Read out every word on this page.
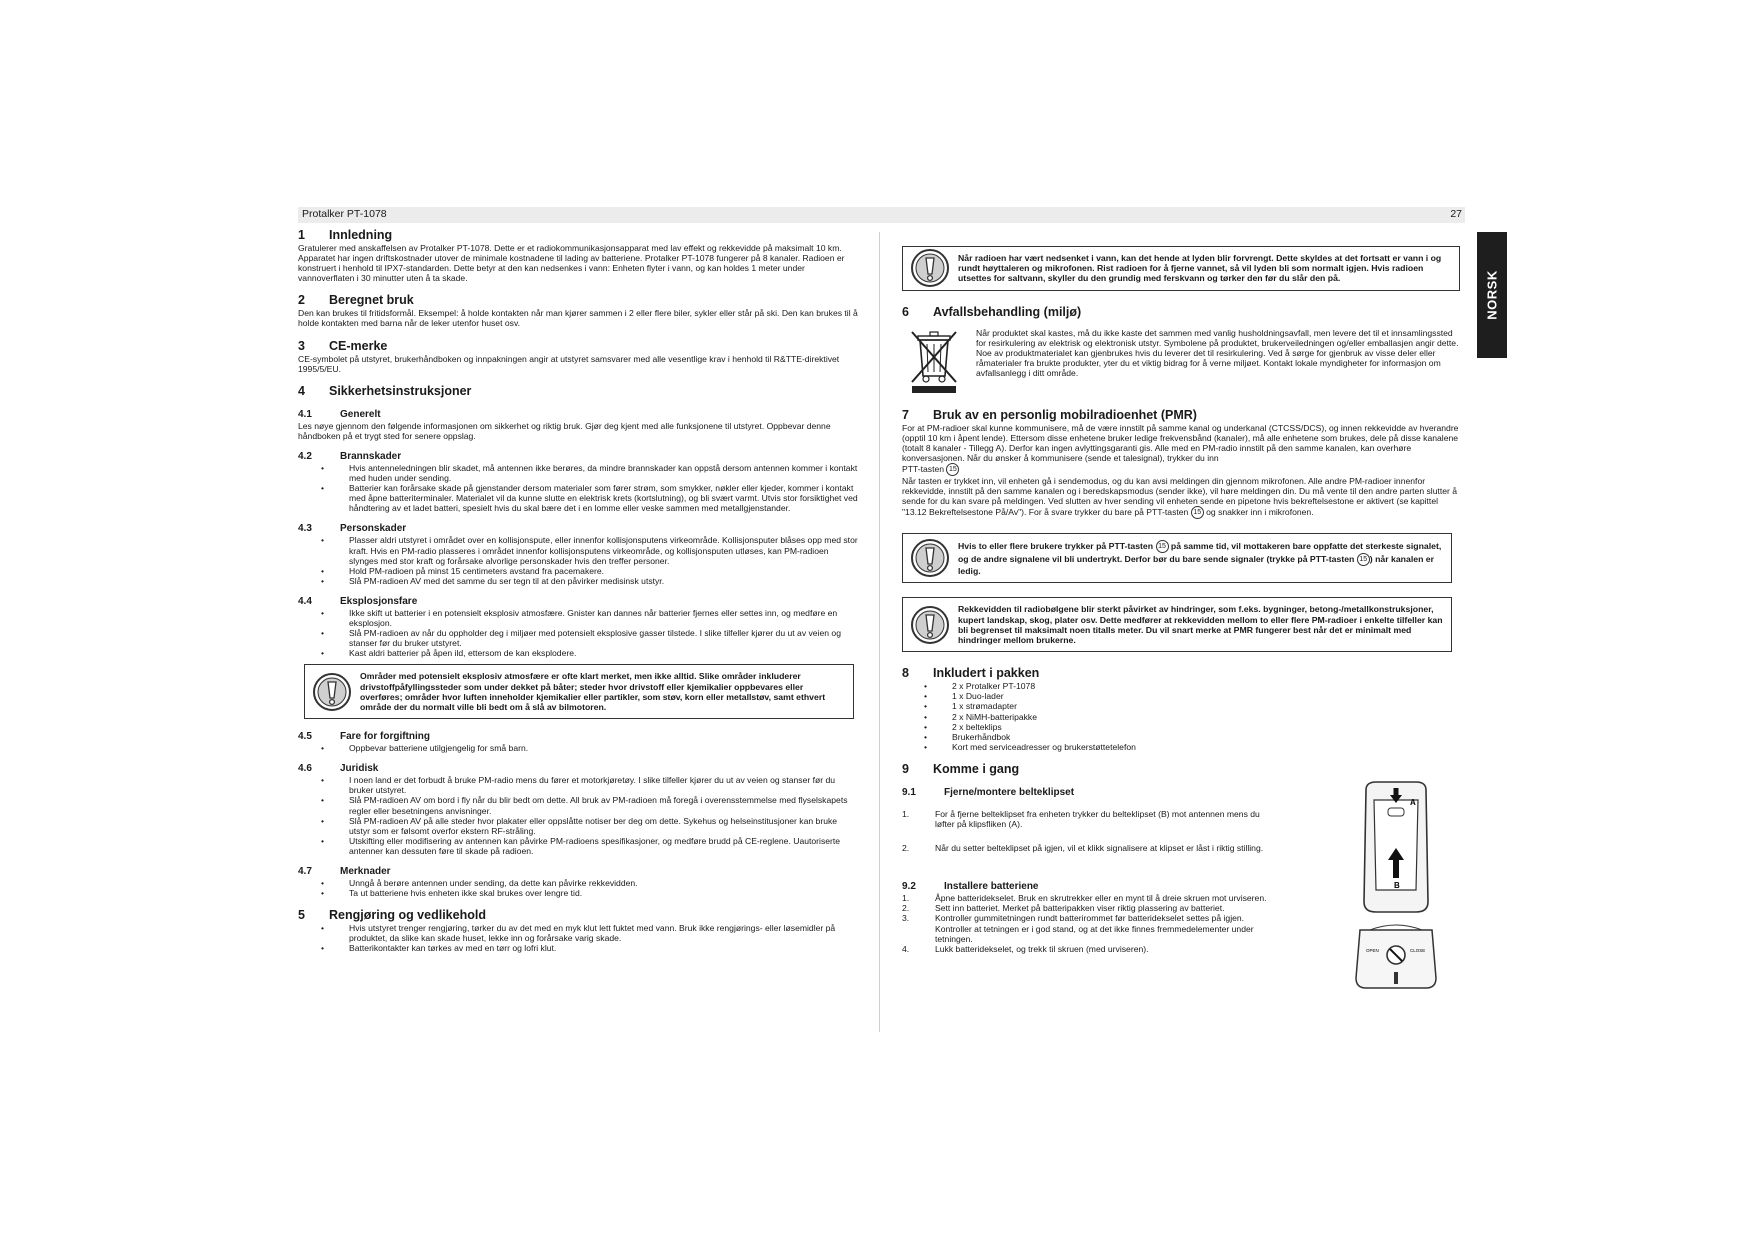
Protalker PT-1078	27
NORSK
1 Innledning

Gratulerer med anskaffelsen av Protalker PT-1078. Dette er et radiokommunikasjonsapparat med lav effekt og rekkevidde på maksimalt 10 km. Apparatet har ingen driftskostnader utover de minimale kostnadene til lading av batteriene. Protalker PT-1078 fungerer på 8 kanaler. Radioen er konstruert i henhold til IPX7-standarden. Dette betyr at den kan nedsenkes i vann: Enheten flyter i vann, og kan holdes 1 meter under vannoverflaten i 30 minutter uten å ta skade.

2 Beregnet bruk

Den kan brukes til fritidsformål. Eksempel: å holde kontakten når man kjører sammen i 2 eller flere biler, sykler eller står på ski. Den kan brukes til å holde kontakten med barna når de leker utenfor huset osv.

3 CE-merke

CE-symbolet på utstyret, brukerhåndboken og innpakningen angir at utstyret samsvarer med alle vesentlige krav i henhold til R&TTE-direktivet 1995/5/EU.

4 Sikkerhetsinstruksjoner
4.1	Generelt

Les nøye gjennom den følgende informasjonen om sikkerhet og riktig bruk. Gjør deg kjent med alle funksjonene til utstyret. Oppbevar denne håndboken på et trygt sted for senere oppslag.

4.2	Brannskader
• Hvis antenneledningen blir skadet, må antennen ikke berøres, da mindre brannskader kan oppstå dersom antennen kommer i kontakt med huden under sending.
• Batterier kan forårsake skade på gjenstander dersom materialer som fører strøm, som smykker, nøkler eller kjeder, kommer i kontakt med åpne batteriterminaler. Materialet vil da kunne slutte en elektrisk krets (kortslutning), og bli svært varmt. Utvis stor forsiktighet ved håndtering av et ladet batteri, spesielt hvis du skal bære det i en lomme eller veske sammen med metallgjenstander.
4.3	Personskader
• Plasser aldri utstyret i området over en kollisjonspute, eller innenfor kollisjonsputens virkeområde. Kollisjonsputer blåses opp med stor kraft. Hvis en PM-radio plasseres i området innenfor kollisjonsputens virkeområde, og kollisjonsputen utløses, kan PM-radioen slynges med stor kraft og forårsake alvorlige personskader hvis den treffer personer.
• Hold PM-radioen på minst 15 centimeters avstand fra pacemakere.
• Slå PM-radioen AV med det samme du ser tegn til at den påvirker medisinsk utstyr.
4.4	Eksplosjonsfare
• Ikke skift ut batterier i en potensielt eksplosiv atmosfære. Gnister kan dannes når batterier fjernes eller settes inn, og medføre en eksplosjon.
• Slå PM-radioen av når du oppholder deg i miljøer med potensielt eksplosive gasser tilstede. I slike tilfeller kjører du ut av veien og stanser før du bruker utstyret.
• Kast aldri batterier på åpen ild, ettersom de kan eksplodere.
Områder med potensielt eksplosiv atmosfære er ofte klart merket, men ikke alltid. Slike områder inkluderer drivstoffpåfyllingssteder som under dekket på båter; steder hvor drivstoff eller kjemikalier oppbevares eller overføres; områder hvor luften inneholder kjemikalier eller partikler, som støv, korn eller metallstøv, samt ethvert område der du normalt ville bli bedt om å slå av bilmotoren.
4.5	Fare for forgiftning
• Oppbevar batteriene utilgjengelig for små barn.
4.6	Juridisk
• I noen land er det forbudt å bruke PM-radio mens du fører et motorkjøretøy. I slike tilfeller kjører du ut av veien og stanser før du bruker utstyret.
• Slå PM-radioen AV om bord i fly når du blir bedt om dette. All bruk av PM-radioen må foregå i overensstemmelse med flyselskapets regler eller besetningens anvisninger.
• Slå PM-radioen AV på alle steder hvor plakater eller oppslåtte notiser ber deg om dette. Sykehus og helseinstitusjoner kan bruke utstyr som er følsomt overfor ekstern RF-stråling.
• Utskifting eller modifisering av antennen kan påvirke PM-radioens spesifikasjoner, og medføre brudd på CE-reglene. Uautoriserte antenner kan dessuten føre til skade på radioen.
4.7	Merknader
• Unngå å berøre antennen under sending, da dette kan påvirke rekkevidden.
• Ta ut batteriene hvis enheten ikke skal brukes over lengre tid.
5 Rengjøring og vedlikehold
• Hvis utstyret trenger rengjøring, tørker du av det med en myk klut lett fuktet med vann. Bruk ikke rengjørings- eller løsemidler på produktet, da slike kan skade huset, lekke inn og forårsake varig skade.
• Batterikontakter kan tørkes av med en tørr og lofri klut.
Når radioen har vært nedsenket i vann, kan det hende at lyden blir forvrengt. Dette skyldes at det fortsatt er vann i og rundt høyttaleren og mikrofonen. Rist radioen for å fjerne vannet, så vil lyden bli som normalt igjen. Hvis radioen utsettes for saltvann, skyller du den grundig med ferskvann og tørker den før du slår den på.
6 Avfallsbehandling (miljø)

Når produktet skal kastes, må du ikke kaste det sammen med vanlig husholdningsavfall, men levere det til et innsamlingssted for resirkulering av elektrisk og elektronisk utstyr. Symbolene på produktet, brukerveiledningen og/eller emballasjen angir dette.

Noe av produktmaterialet kan gjenbrukes hvis du leverer det til resirkulering. Ved å sørge for gjenbruk av visse deler eller råmaterialer fra brukte produkter, yter du et viktig bidrag for å verne miljøet. Kontakt lokale myndigheter for informasjon om avfallsanlegg i ditt område.

7 Bruk av en personlig mobilradioenhet (PMR)

For at PM-radioer skal kunne kommunisere, må de være innstilt på samme kanal og underkanal (CTCSS/DCS), og innen rekkevidde av hverandre (opptil 10 km i åpent lende). Ettersom disse enhetene bruker ledige frekvensbånd (kanaler), må alle enhetene som brukes, dele på disse kanalene (totalt 8 kanaler - Tillegg A). Derfor kan ingen avlyttingsgaranti gis. Alle med en PM-radio innstilt på den samme kanalen, kan overhøre konversasjonen. Når du ønsker å kommunisere (sende et talesignal), trykker du inn

PTT-tasten 15

Når tasten er trykket inn, vil enheten gå i sendemodus, og du kan avsi meldingen din gjennom mikrofonen. Alle andre PM-radioer innenfor rekkevidde, innstilt på den samme kanalen og i beredskapsmodus (sender ikke), vil høre meldingen din. Du må vente til den andre parten slutter å sende for du kan svare på meldingen. Ved slutten av hver sending vil enheten sende en pipetone hvis bekreftelsestone er aktivert (se kapittel "13.12 Bekreftelsestone På/Av"). For å svare trykker du bare på PTT-tasten 15 og snakker inn i mikrofonen.

Hvis to eller flere brukere trykker på PTT-tasten 15 på samme tid, vil mottakeren bare oppfatte det sterkeste signalet, og de andre signalene vil bli undertrykt. Derfor bør du bare sende signaler (trykke på PTT-tasten 15 ) når kanalen er ledig.
Rekkevidden til radiobølgene blir sterkt påvirket av hindringer, som f.eks. bygninger, betong-/metallkonstruksjoner, kupert landskap, skog, plater osv. Dette medfører at rekkevidden mellom to eller flere PM-radioer i enkelte tilfeller kan bli begrenset til maksimalt noen titalls meter. Du vil snart merke at PMR fungerer best når det er minimalt med hindringer mellom brukerne.
8 Inkludert i pakken
• 2 x Protalker PT-1078
• 1 x Duo-lader
• 1 x strømadapter
• 2 x NiMH-batteripakke
• 2 x belteklips
• Brukerhåndbok
• Kort med serviceadresser og brukerstøttetelefon
9 Komme i gang
9.1	Fjerne/montere belteklipset
1.	For å fjerne belteklipset fra enheten trykker du belteklipset (B) mot antennen mens du løfter på klipsfliken (A).
2.	Når du setter belteklipset på igjen, vil et klikk signalisere at klipset er låst i riktig stilling.
9.2	Installere batteriene
1.	Åpne batteridekselet. Bruk en skrutrekker eller en mynt til å dreie skruen mot urviseren.
2.	Sett inn batteriet. Merket på batteripakken viser riktig plassering av batteriet.
3.	Kontroller gummitetningen rundt batterirommet før batteridekselet settes på igjen. Kontroller at tetningen er i god stand, og at det ikke finnes fremmedelementer under tetningen.
4.	Lukk batteridekselet, og trekk til skruen (med urviseren).
A
B
OPEN	CLOSE
